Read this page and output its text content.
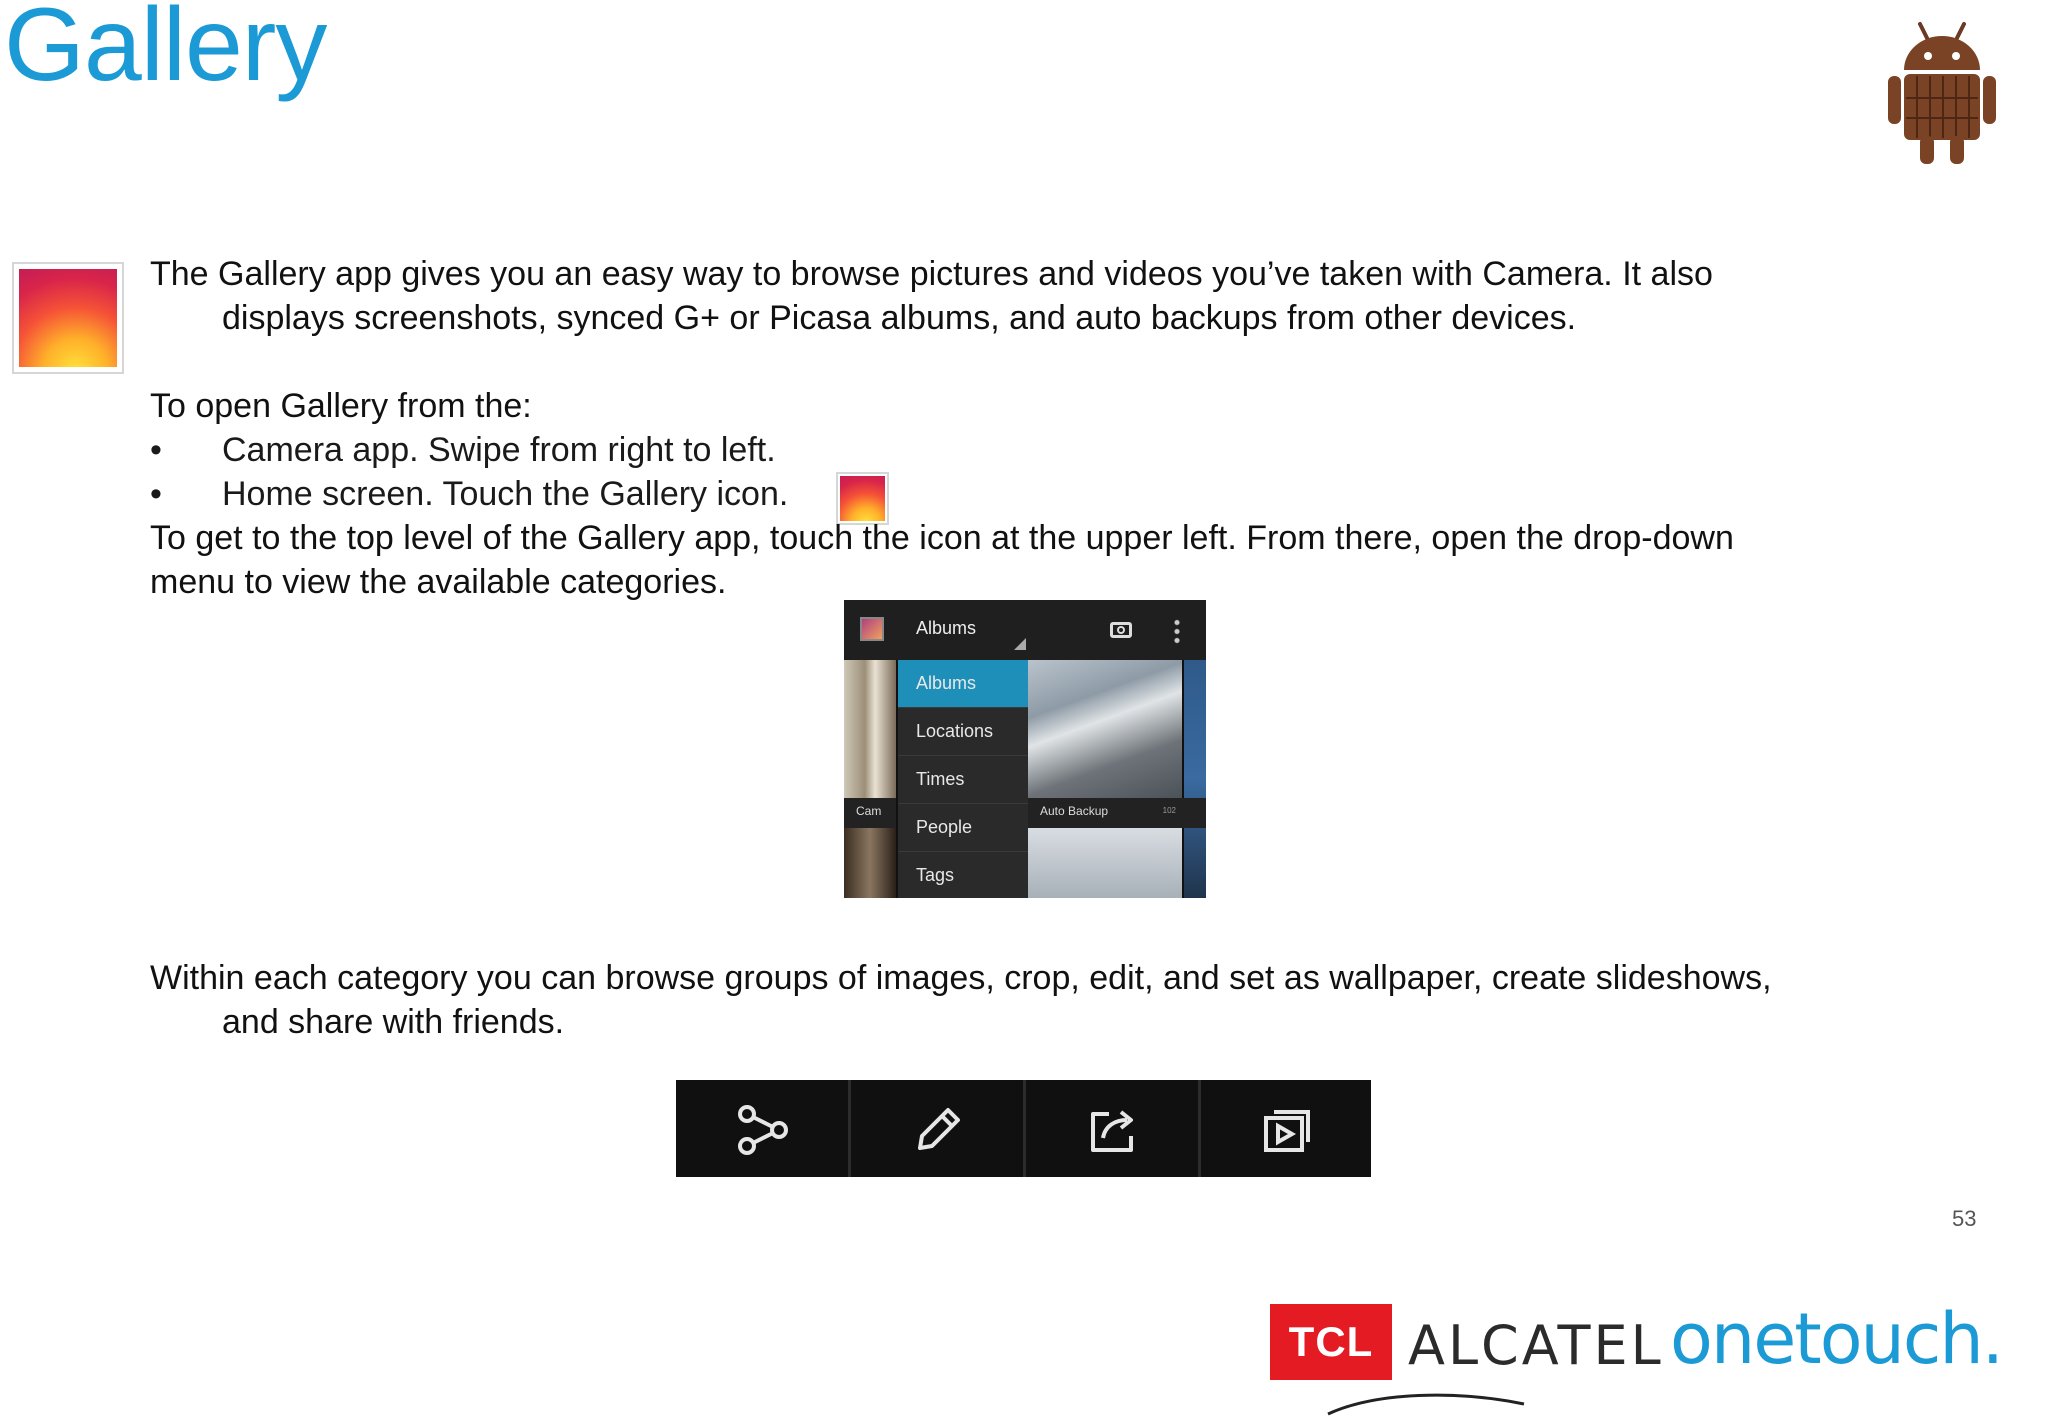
Gallery
The Gallery app gives you an easy way to browse pictures and videos you’ve taken with Camera. It also
displays screenshots, synced G+ or Picasa albums, and auto backups from other devices.
To open Gallery from the:
• Camera app. Swipe from right to left.
• Home screen. Touch the Gallery icon.
To get to the top level of the Gallery app, touch the icon at the upper left. From there, open the drop-down
menu to view the available categories.
Albums
Cam	Auto Backup	102
Albums
Locations
Times
People
Tags
Within each category you can browse groups of images, crop, edit, and set as wallpaper, create slideshows,
and share with friends.
53
TCL ALCATEL onetouch.
